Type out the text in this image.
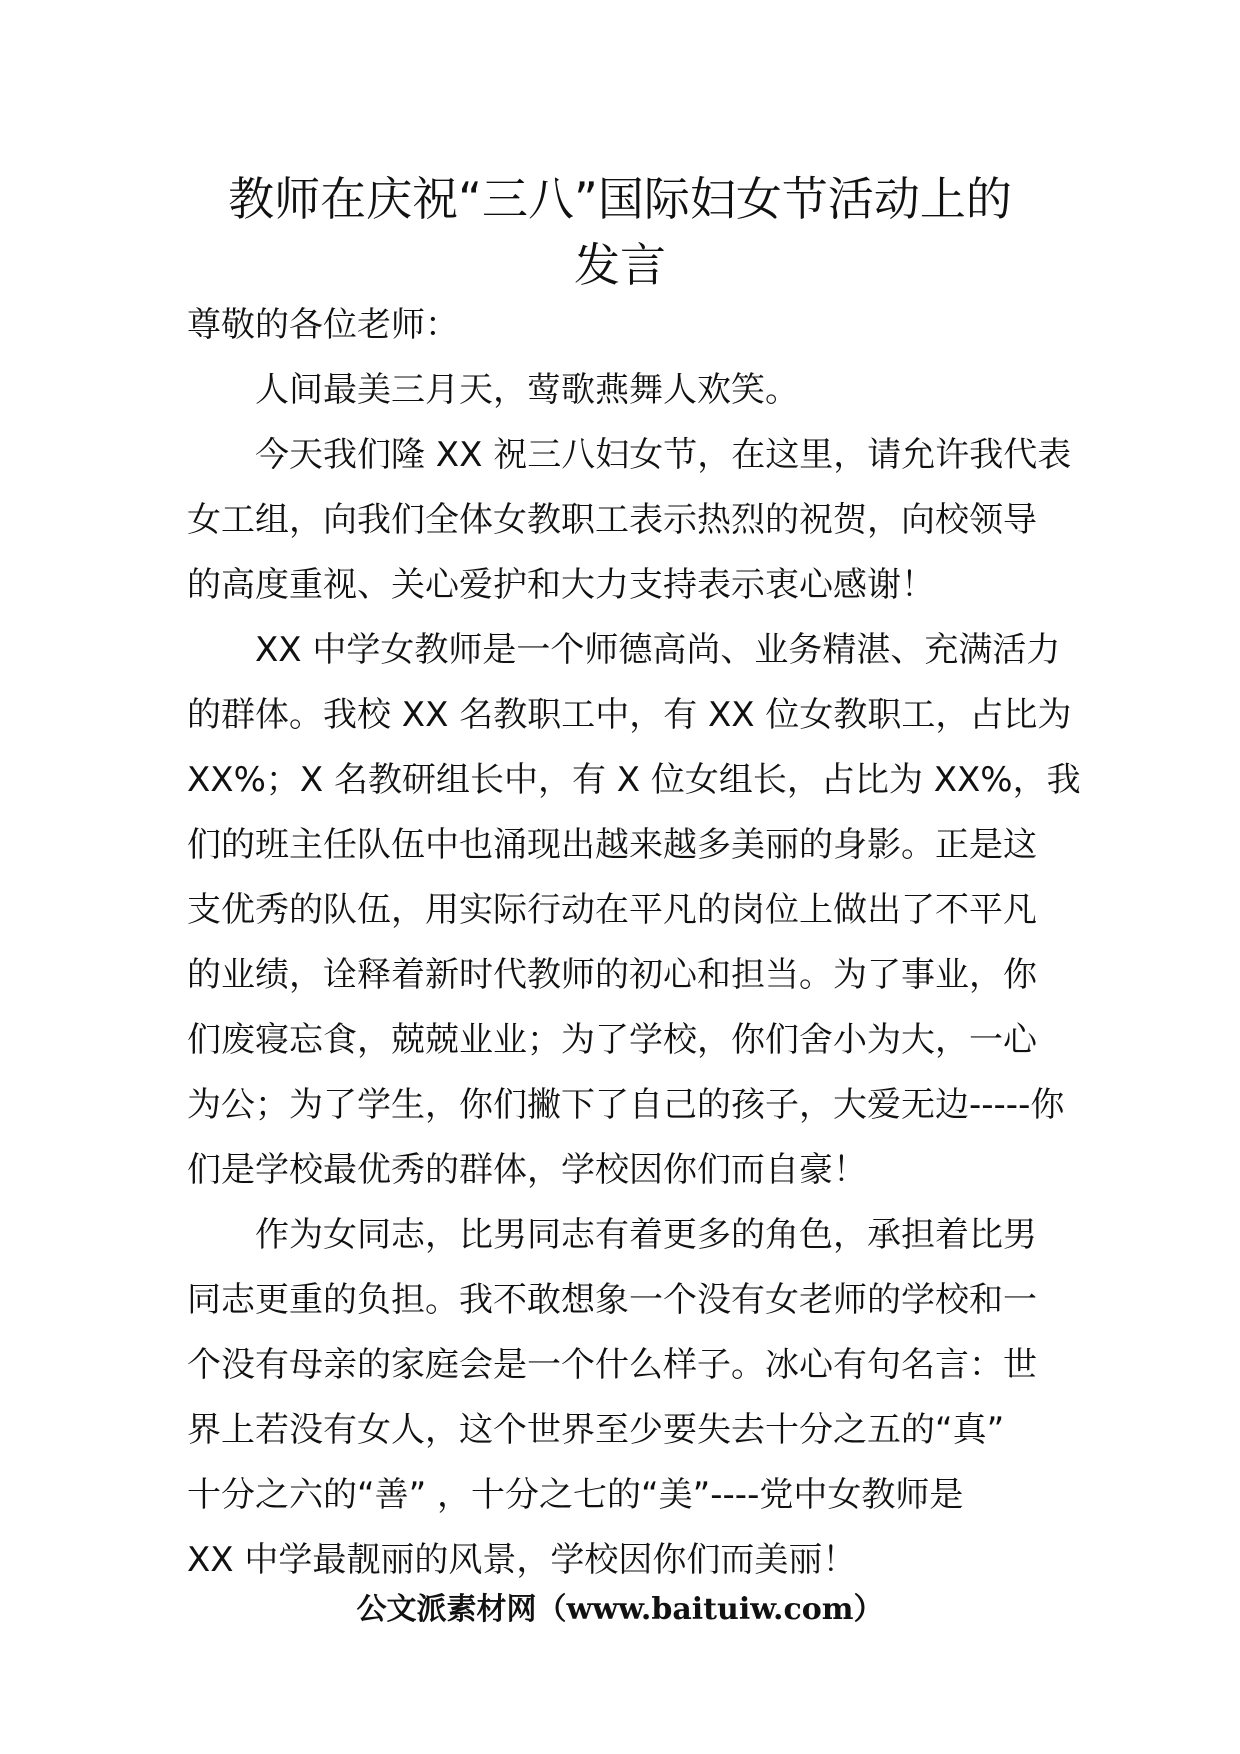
教师在庆祝“三八”国际妇女节活动上的
发言
尊敬的各位老师：
人间最美三月天，莺歌燕舞人欢笑。
今天我们隆 XX 祝三八妇女节，在这里，请允许我代表
女工组，向我们全体女教职工表示热烈的祝贺，向校领导
的高度重视、关心爱护和大力支持表示衷心感谢！
XX 中学女教师是一个师德高尚、业务精湛、充满活力
的群体。我校 XX 名教职工中，有 XX 位女教职工，占比为
XX%；X 名教研组长中，有 X 位女组长，占比为 XX%，我
们的班主任队伍中也涌现出越来越多美丽的身影。正是这
支优秀的队伍，用实际行动在平凡的岗位上做出了不平凡
的业绩，诠释着新时代教师的初心和担当。为了事业，你
们废寝忘食，兢兢业业；为了学校，你们舍小为大，一心
为公；为了学生，你们撇下了自己的孩子，大爱无边-----你
们是学校最优秀的群体，学校因你们而自豪！
作为女同志，比男同志有着更多的角色，承担着比男
同志更重的负担。我不敢想象一个没有女老师的学校和一
个没有母亲的家庭会是一个什么样子。冰心有句名言：世
界上若没有女人，这个世界至少要失去十分之五的“真”
十分之六的“善” ，十分之七的“美”----党中女教师是
XX 中学最靓丽的风景，学校因你们而美丽！
公文派素材网（www.baituiw.com）
